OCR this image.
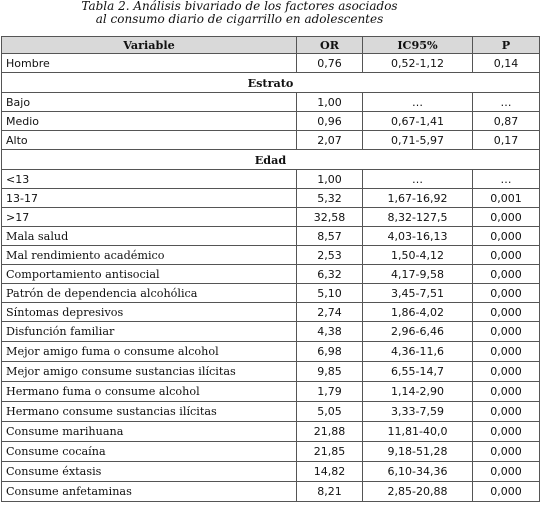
Tabla 2. Análisis bivariado de los factores asociados
al consumo diario de cigarrillo en adolescentes
Variable	OR	IC95%	P
Hombre	0,76	0,52-1,12	0,14
Estrato			
Bajo	1,00	…	…
Medio	0,96	0,67-1,41	0,87
Alto	2,07	0,71-5,97	0,17
Edad			
<13	1,00	…	…
13-17	5,32	1,67-16,92	0,001
>17	32,58	8,32-127,5	0,000
Mala salud	8,57	4,03-16,13	0,000
Mal rendimiento académico	2,53	1,50-4,12	0,000
Comportamiento antisocial	6,32	4,17-9,58	0,000
Patrón de dependencia alcohólica	5,10	3,45-7,51	0,000
Síntomas depresivos	2,74	1,86-4,02	0,000
Disfunción familiar	4,38	2,96-6,46	0,000
Mejor amigo fuma o consume alcohol	6,98	4,36-11,6	0,000
Mejor amigo consume sustancias ilícitas	9,85	6,55-14,7	0,000
Hermano fuma o consume alcohol	1,79	1,14-2,90	0,000
Hermano consume sustancias ilícitas	5,05	3,33-7,59	0,000
Consume marihuana	21,88	11,81-40,0	0,000
Consume cocaína	21,85	9,18-51,28	0,000
Consume éxtasis	14,82	6,10-34,36	0,000
Consume anfetaminas	8,21	2,85-20,88	0,000
